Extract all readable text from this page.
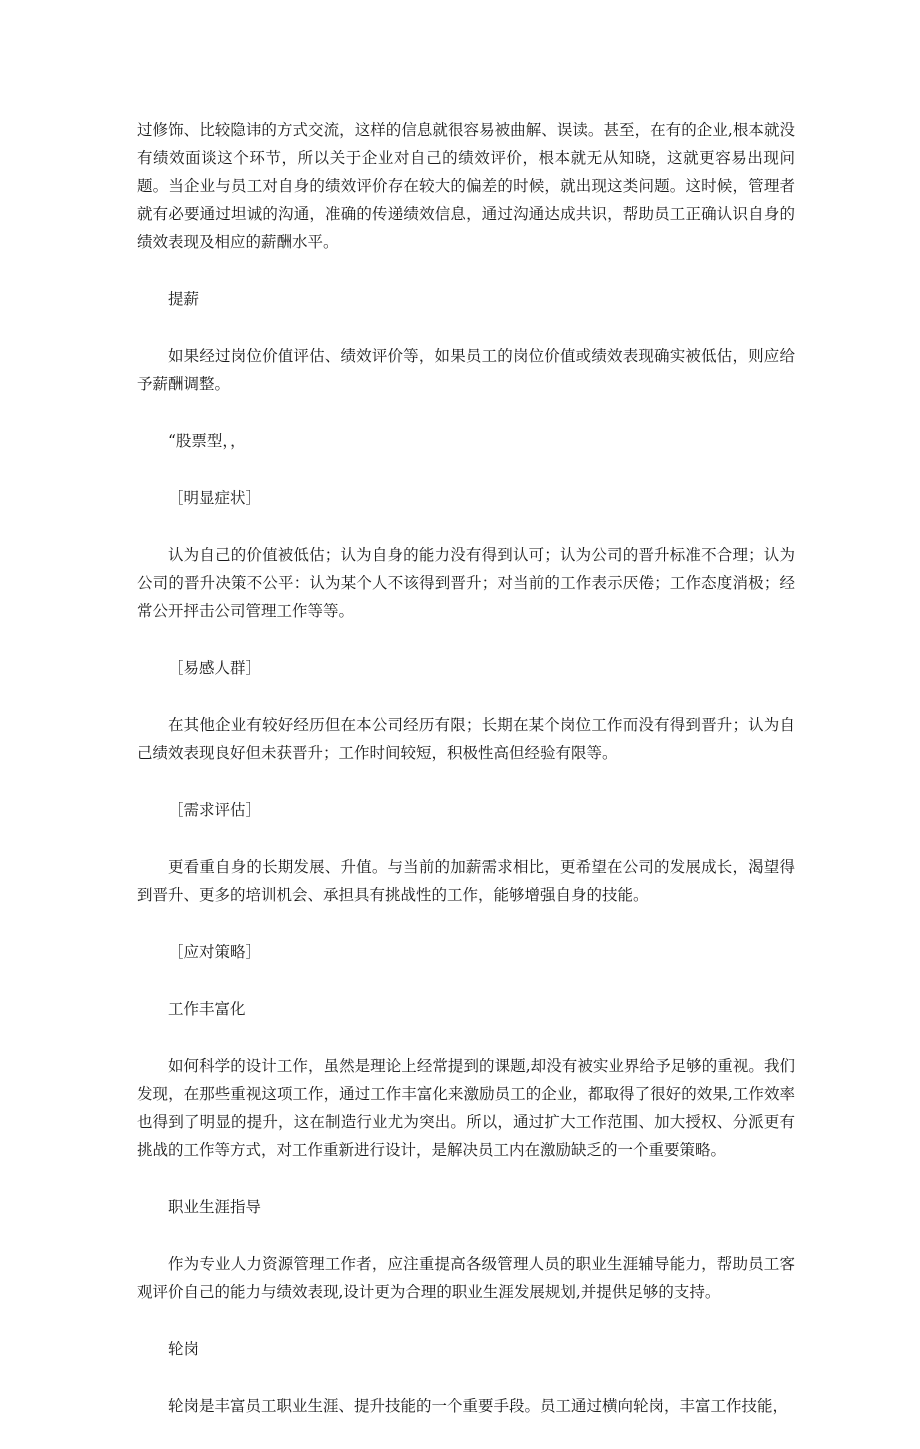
过修饰、比较隐讳的方式交流，这样的信息就很容易被曲解、误读。甚至，在有的企业,根本就没有绩效面谈这个环节，所以关于企业对自己的绩效评价，根本就无从知晓，这就更容易出现问题。当企业与员工对自身的绩效评价存在较大的偏差的时候，就出现这类问题。这时候，管理者就有必要通过坦诚的沟通，准确的传递绩效信息，通过沟通达成共识，帮助员工正确认识自身的绩效表现及相应的薪酬水平。

提薪

如果经过岗位价值评估、绩效评价等，如果员工的岗位价值或绩效表现确实被低估，则应给予薪酬调整。

“股票型，，

［明显症状］

认为自己的价值被低估；认为自身的能力没有得到认可；认为公司的晋升标准不合理；认为公司的晋升决策不公平：认为某个人不该得到晋升；对当前的工作表示厌倦；工作态度消极；经常公开抨击公司管理工作等等。

［易感人群］

在其他企业有较好经历但在本公司经历有限；长期在某个岗位工作而没有得到晋升；认为自己绩效表现良好但未获晋升；工作时间较短，积极性高但经验有限等。

［需求评估］

更看重自身的长期发展、升值。与当前的加薪需求相比，更希望在公司的发展成长，渴望得到晋升、更多的培训机会、承担具有挑战性的工作，能够增强自身的技能。

［应对策略］

工作丰富化

如何科学的设计工作，虽然是理论上经常提到的课题,却没有被实业界给予足够的重视。我们发现，在那些重视这项工作，通过工作丰富化来激励员工的企业，都取得了很好的效果,工作效率也得到了明显的提升，这在制造行业尤为突出。所以，通过扩大工作范围、加大授权、分派更有挑战的工作等方式，对工作重新进行设计，是解决员工内在激励缺乏的一个重要策略。

职业生涯指导

作为专业人力资源管理工作者，应注重提高各级管理人员的职业生涯辅导能力，帮助员工客观评价自己的能力与绩效表现,设计更为合理的职业生涯发展规划,并提供足够的支持。

轮岗

轮岗是丰富员工职业生涯、提升技能的一个重要手段。员工通过横向轮岗，丰富工作技能，
